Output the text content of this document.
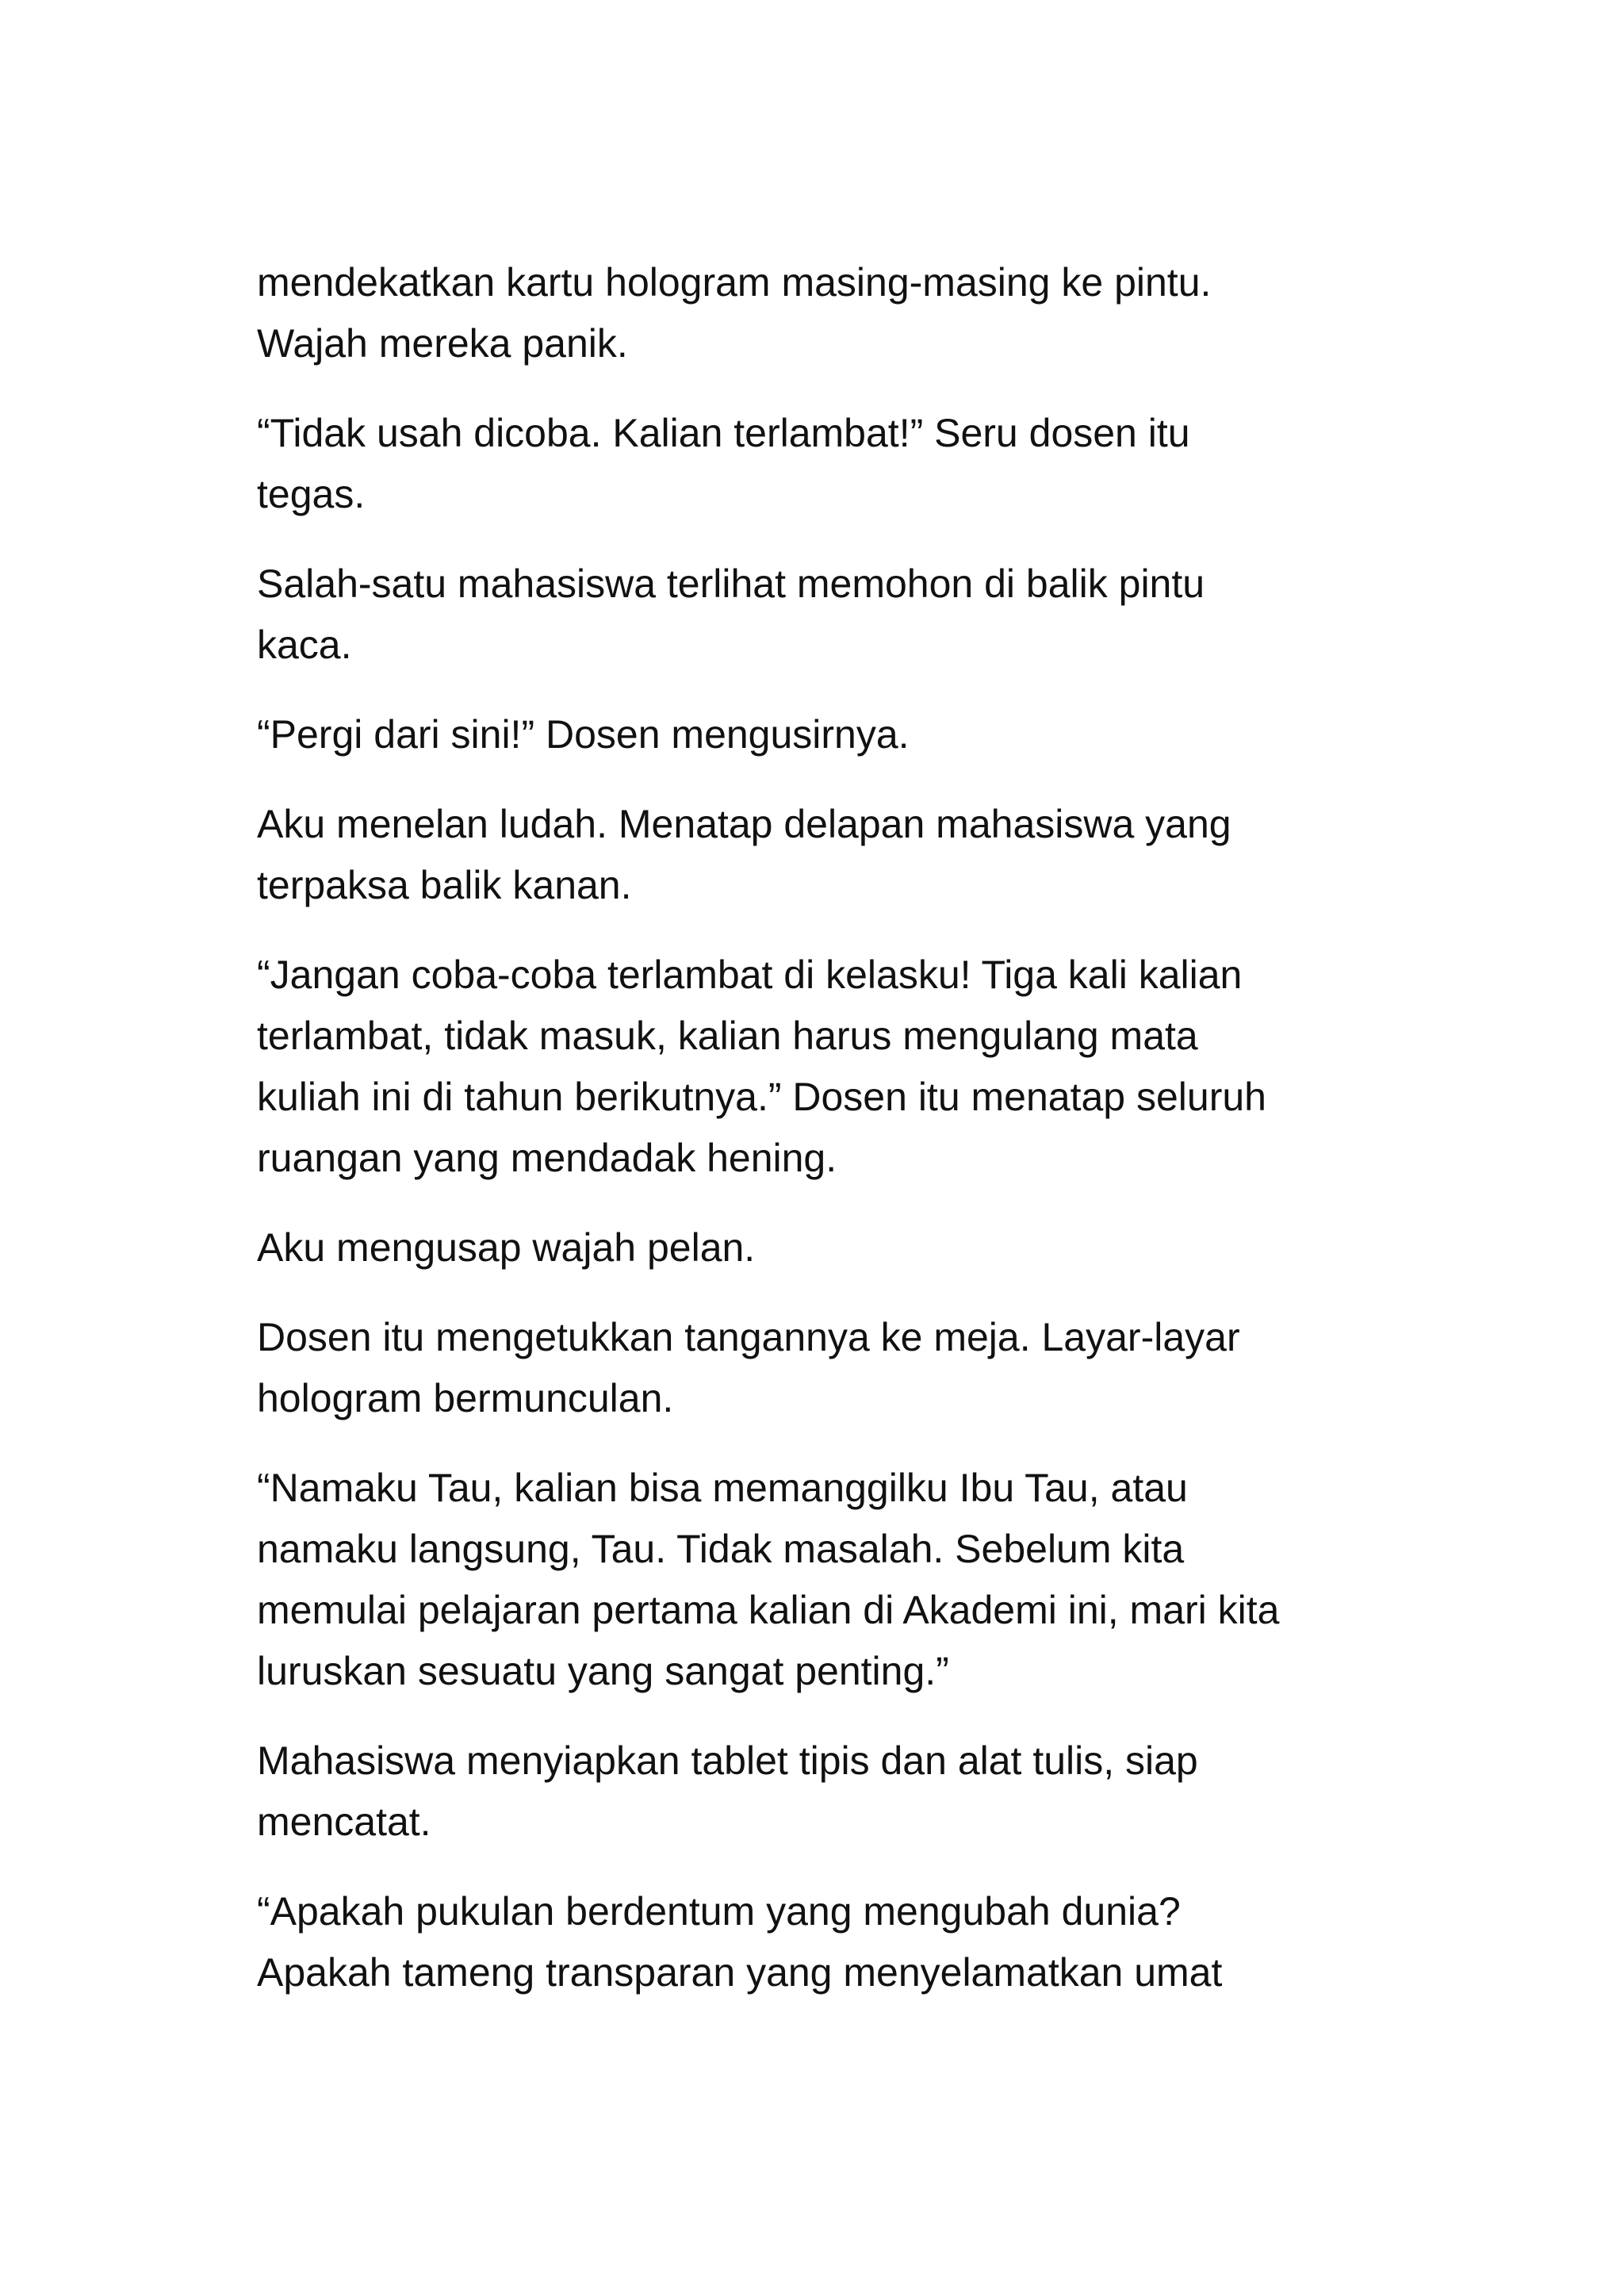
mendekatkan kartu hologram masing-masing ke pintu.
Wajah mereka panik.

“Tidak usah dicoba. Kalian terlambat!” Seru dosen itu
tegas.

Salah-satu mahasiswa terlihat memohon di balik pintu
kaca.

“Pergi dari sini!” Dosen mengusirnya.

Aku menelan ludah. Menatap delapan mahasiswa yang
terpaksa balik kanan.

“Jangan coba-coba terlambat di kelasku! Tiga kali kalian
terlambat, tidak masuk, kalian harus mengulang mata
kuliah ini di tahun berikutnya.” Dosen itu menatap seluruh
ruangan yang mendadak hening.

Aku mengusap wajah pelan.

Dosen itu mengetukkan tangannya ke meja. Layar-layar
hologram bermunculan.

“Namaku Tau, kalian bisa memanggilku Ibu Tau, atau
namaku langsung, Tau. Tidak masalah. Sebelum kita
memulai pelajaran pertama kalian di Akademi ini, mari kita
luruskan sesuatu yang sangat penting.”

Mahasiswa menyiapkan tablet tipis dan alat tulis, siap
mencatat.

“Apakah pukulan berdentum yang mengubah dunia?
Apakah tameng transparan yang menyelamatkan umat
